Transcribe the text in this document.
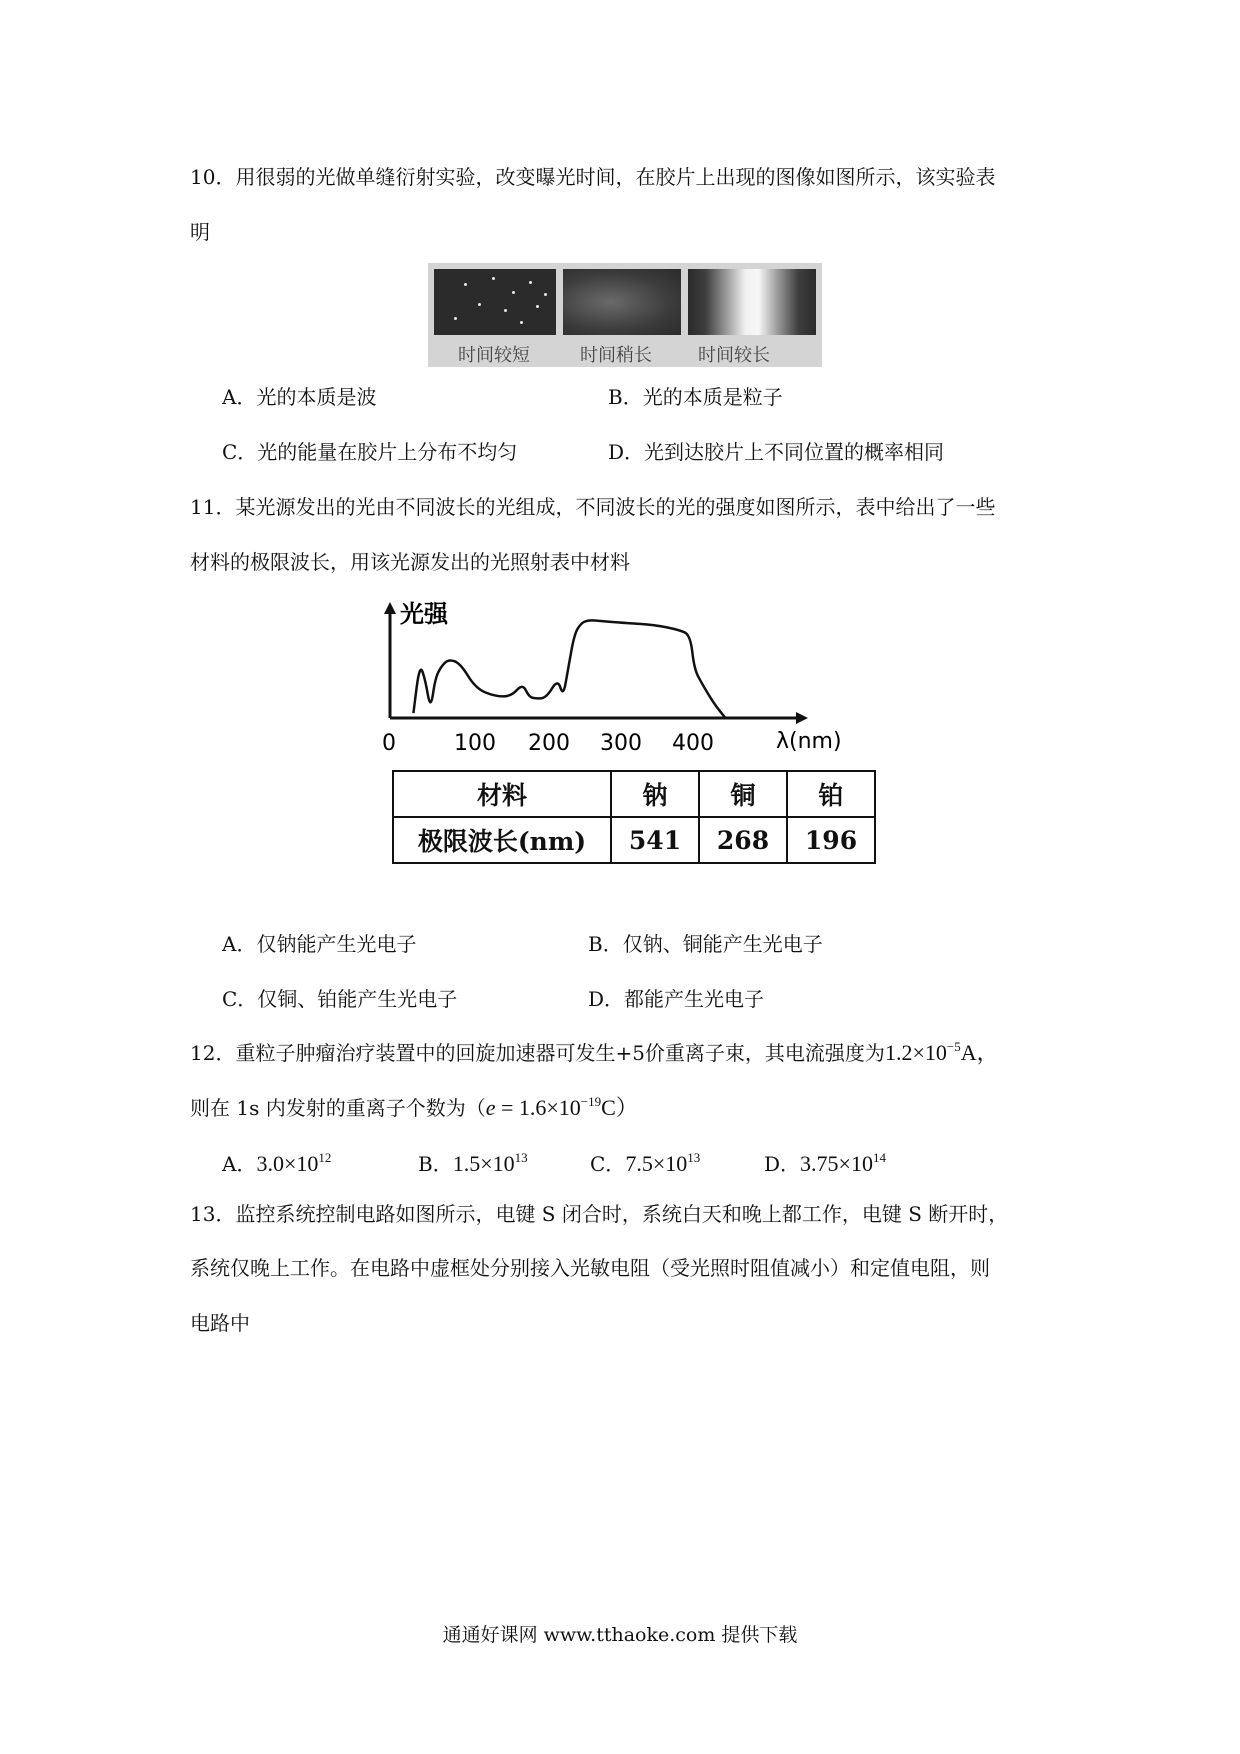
10．用很弱的光做单缝衍射实验，改变曝光时间，在胶片上出现的图像如图所示，该实验表
明
时间较短	时间稍长	时间较长
A．光的本质是波	B．光的本质是粒子
C．光的能量在胶片上分布不均匀	D．光到达胶片上不同位置的概率相同
11．某光源发出的光由不同波长的光组成，不同波长的光的强度如图所示，表中给出了一些
材料的极限波长，用该光源发出的光照射表中材料
光强
λ(nm)
0	100 200 300 400
材料	钠	铜	铂
极限波长(nm)	541	268	196
A．仅钠能产生光电子	B．仅钠、铜能产生光电子
C．仅铜、铂能产生光电子	D．都能产生光电子
12．重粒子肿瘤治疗装置中的回旋加速器可发生+5价重离子束，其电流强度为$1.2\times 10^{-5}A$，
则在 1s 内发射的重离子个数为$(e = 1.6\times 10^{-19}C)$
A．$3.0\times 10^{12}$	B．$1.5\times 10^{13}$	C．$7.5\times 10^{13}$	D．$3.75\times 10^{14}$
13．监控系统控制电路如图所示，电键 S 闭合时，系统白天和晚上都工作，电键 S 断开时，
系统仅晚上工作。在电路中虚框处分别接入光敏电阻（受光照时阻值减小）和定值电阻，则
电路中
通通好课网 www.tthaoke.com 提供下载
